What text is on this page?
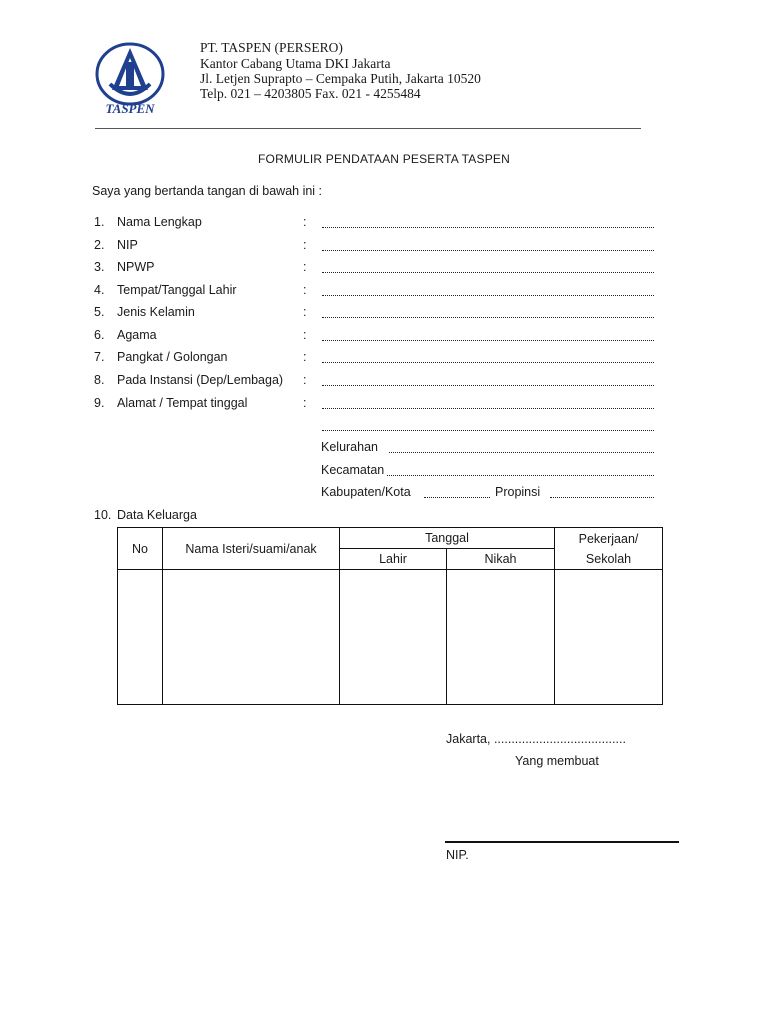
TASPEN
PT. TASPEN (PERSERO)
Kantor Cabang Utama DKI Jakarta
Jl. Letjen Suprapto – Cempaka Putih, Jakarta 10520
Telp. 021 – 4203805 Fax. 021 - 4255484
FORMULIR PENDATAAN PESERTA TASPEN
Saya yang bertanda tangan di bawah ini :
1. Nama Lengkap	:
2. NIP	:
3. NPWP	:
4. Tempat/Tanggal Lahir	:
5. Jenis Kelamin	:
6. Agama	:
7. Pangkat / Golongan	:
8. Pada Instansi (Dep/Lembaga) :
9. Alamat / Tempat tinggal	:
Kelurahan
Kecamatan
Kabupaten/Kota	Propinsi
10. Data Keluarga
No	Nama Isteri/suami/anak	Tanggal		Pekerjaan/
Sekolah
		Lahir	Nikah	

Jakarta, ......................................
Yang membuat
NIP.
